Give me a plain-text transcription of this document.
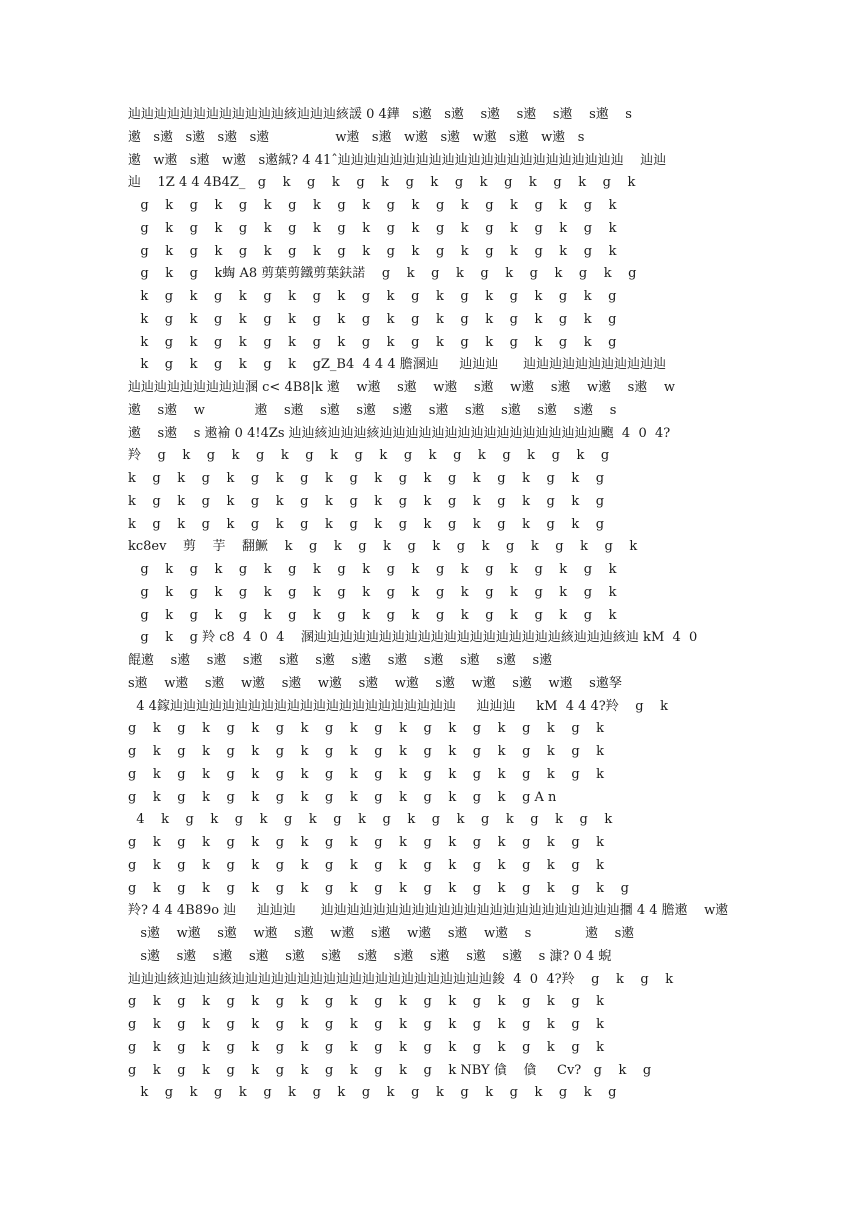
辿辿辿辿辿辿辿辿辿辿辿辿絯辿辿辿絯諼 0 4鏵   s遫   s遫    s遫    s遫    s遫    s遫    s
遫   s遫   s遫   s遫   s遫                w遫   s遫   w遫   s遫   w遫   s遫   w遫   s
遫   w遫   s遫   w遫   s遫絾? 4 41ˆ辿辿辿辿辿辿辿辿辿辿辿辿辿辿辿辿辿辿辿辿辿辿    辿辿
辿    1Z 4 4 4B4Z_   g    k    g    k    g    k    g    k    g    k    g    k    g    k    g    k
g    k    g    k    g    k    g    k    g    k    g    k    g    k    g    k    g    k    g    k
g    k    g    k    g    k    g    k    g    k    g    k    g    k    g    k    g    k    g    k
g    k    g    k    g    k    g    k    g    k    g    k    g    k    g    k    g    k    g    k
g    k    g    k蜪 A8 剪葉剪鐵剪葉鈇諾    g    k    g    k    g    k    g    k    g    k    g
k    g    k    g    k    g    k    g    k    g    k    g    k    g    k    g    k    g    k    g
k    g    k    g    k    g    k    g    k    g    k    g    k    g    k    g    k    g    k    g
k    g    k    g    k    g    k    g    k    g    k    g    k    g    k    g    k    g    k    g
k    g    k    g    k    g    k    gZ_B4  4 4 4 膽溷辿     辿辿辿      辿辿辿辿辿辿辿辿辿辿辿
辿辿辿辿辿辿辿辿辿溷 c< 4B8|k 遫    w遫    s遫    w遫    s遫    w遫    s遫    w遫    s遫    w
遫    s遫    w            遫    s遫    s遫    s遫    s遫    s遫    s遫    s遫    s遫    s遫    s
遫    s遫    s 遫褕 0 4!4Zs 辿辿絯辿辿辿絯辿辿辿辿辿辿辿辿辿辿辿辿辿辿辿辿辿颮  4  0  4?
羚    g    k    g    k    g    k    g    k    g    k    g    k    g    k    g    k    g    k    g
k    g    k    g    k    g    k    g    k    g    k    g    k    g    k    g    k    g    k    g
k    g    k    g    k    g    k    g    k    g    k    g    k    g    k    g    k    g    k    g
k    g    k    g    k    g    k    g    k    g    k    g    k    g    k    g    k    g    k    g
kc8ev    剪    芋    翻鱖    k    g    k    g    k    g    k    g    k    g    k    g    k    g    k
g    k    g    k    g    k    g    k    g    k    g    k    g    k    g    k    g    k    g    k
g    k    g    k    g    k    g    k    g    k    g    k    g    k    g    k    g    k    g    k
g    k    g    k    g    k    g    k    g    k    g    k    g    k    g    k    g    k    g    k
g    k    g 羚 c8  4  0  4    溷辿辿辿辿辿辿辿辿辿辿辿辿辿辿辿辿辿辿辿絯辿辿辿絯辿 kM  4  0
餛遫    s遫    s遫    s遫    s遫    s遫    s遫    s遫    s遫    s遫    s遫    s遫
s遫    w遫    s遫    w遫    s遫    w遫    s遫    w遫    s遫    w遫    s遫    w遫    s遫孥
4 4鎵辿辿辿辿辿辿辿辿辿辿辿辿辿辿辿辿辿辿辿辿辿辿     辿辿辿     kM  4 4 4?羚    g    k
g    k    g    k    g    k    g    k    g    k    g    k    g    k    g    k    g    k    g    k
g    k    g    k    g    k    g    k    g    k    g    k    g    k    g    k    g    k    g    k
g    k    g    k    g    k    g    k    g    k    g    k    g    k    g    k    g    k    g    k
g    k    g    k    g    k    g    k    g    k    g    k    g    k    g    k    g A n
4    k    g    k    g    k    g    k    g    k    g    k    g    k    g    k    g    k    g    k
g    k    g    k    g    k    g    k    g    k    g    k    g    k    g    k    g    k    g    k
g    k    g    k    g    k    g    k    g    k    g    k    g    k    g    k    g    k    g    k
g    k    g    k    g    k    g    k    g    k    g    k    g    k    g    k    g    k    g    k    g
羚? 4 4 4B89o 辿     辿辿辿      辿辿辿辿辿辿辿辿辿辿辿辿辿辿辿辿辿辿辿辿辿辿辿攌 4 4 膽遫    w遫
s遫    w遫    s遫    w遫    s遫    w遫    s遫    w遫    s遫    w遫    s             遫    s遫
s遫    s遫    s遫    s遫    s遫    s遫    s遫    s遫    s遫    s遫    s遫    s 漮? 0 4 蜺
辿辿辿絯辿辿辿絯辿辿辿辿辿辿辿辿辿辿辿辿辿辿辿辿辿辿辿辿鋑  4  0  4?羚    g    k    g    k
g    k    g    k    g    k    g    k    g    k    g    k    g    k    g    k    g    k    g    k
g    k    g    k    g    k    g    k    g    k    g    k    g    k    g    k    g    k    g    k
g    k    g    k    g    k    g    k    g    k    g    k    g    k    g    k    g    k    g    k
g    k    g    k    g    k    g    k    g    k    g    k    g    k NBY 僋    僋     Cv?   g    k    g
k    g    k    g    k    g    k    g    k    g    k    g    k    g    k    g    k    g    k    g
